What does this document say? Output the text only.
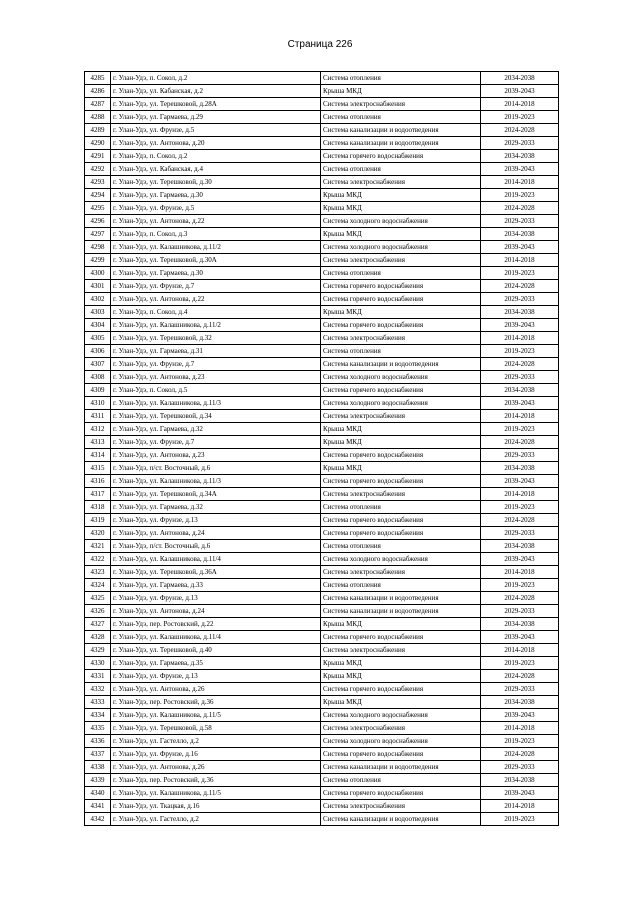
Страница 226
4285	г. Улан-Удэ, п. Сокол, д.2	Система отопления	2034-2038
4286	г. Улан-Удэ, ул. Кабанская, д.2	Крыша МКД	2039-2043
4287	г. Улан-Удэ, ул. Терешковой, д.28А	Система электроснабжения	2014-2018
4288	г. Улан-Удэ, ул. Гармаева, д.29	Система отопления	2019-2023
4289	г. Улан-Удэ, ул. Фрунзе, д.5	Система канализации и водоотведения	2024-2028
4290	г. Улан-Удэ, ул. Антонова, д.20	Система канализации и водоотведения	2029-2033
4291	г. Улан-Удэ, п. Сокол, д.2	Система горячего водоснабжения	2034-2038
4292	г. Улан-Удэ, ул. Кабанская, д.4	Система отопления	2039-2043
4293	г. Улан-Удэ, ул. Терешковой, д.30	Система электроснабжения	2014-2018
4294	г. Улан-Удэ, ул. Гармаева, д.30	Крыша МКД	2019-2023
4295	г. Улан-Удэ, ул. Фрунзе, д.5	Крыша МКД	2024-2028
4296	г. Улан-Удэ, ул. Антонова, д.22	Система холодного водоснабжения	2029-2033
4297	г. Улан-Удэ, п. Сокол, д.3	Крыша МКД	2034-2038
4298	г. Улан-Удэ, ул. Калашникова, д.11/2	Система холодного водоснабжения	2039-2043
4299	г. Улан-Удэ, ул. Терешковой, д.30А	Система электроснабжения	2014-2018
4300	г. Улан-Удэ, ул. Гармаева, д.30	Система отопления	2019-2023
4301	г. Улан-Удэ, ул. Фрунзе, д.7	Система горячего водоснабжения	2024-2028
4302	г. Улан-Удэ, ул. Антонова, д.22	Система горячего водоснабжения	2029-2033
4303	г. Улан-Удэ, п. Сокол, д.4	Крыша МКД	2034-2038
4304	г. Улан-Удэ, ул. Калашникова, д.11/2	Система горячего водоснабжения	2039-2043
4305	г. Улан-Удэ, ул. Терешковой, д.32	Система электроснабжения	2014-2018
4306	г. Улан-Удэ, ул. Гармаева, д.31	Система отопления	2019-2023
4307	г. Улан-Удэ, ул. Фрунзе, д.7	Система канализации и водоотведения	2024-2028
4308	г. Улан-Удэ, ул. Антонова, д.23	Система холодного водоснабжения	2029-2033
4309	г. Улан-Удэ, п. Сокол, д.5	Система горячего водоснабжения	2034-2038
4310	г. Улан-Удэ, ул. Калашникова, д.11/3	Система холодного водоснабжения	2039-2043
4311	г. Улан-Удэ, ул. Терешковой, д.34	Система электроснабжения	2014-2018
4312	г. Улан-Удэ, ул. Гармаева, д.32	Крыша МКД	2019-2023
4313	г. Улан-Удэ, ул. Фрунзе, д.7	Крыша МКД	2024-2028
4314	г. Улан-Удэ, ул. Антонова, д.23	Система горячего водоснабжения	2029-2033
4315	г. Улан-Удэ, п/ст. Восточный, д.6	Крыша МКД	2034-2038
4316	г. Улан-Удэ, ул. Калашникова, д.11/3	Система горячего водоснабжения	2039-2043
4317	г. Улан-Удэ, ул. Терешковой, д.34А	Система электроснабжения	2014-2018
4318	г. Улан-Удэ, ул. Гармаева, д.32	Система отопления	2019-2023
4319	г. Улан-Удэ, ул. Фрунзе, д.13	Система горячего водоснабжения	2024-2028
4320	г. Улан-Удэ, ул. Антонова, д.24	Система горячего водоснабжения	2029-2033
4321	г. Улан-Удэ, п/ст. Восточный, д.6	Система отопления	2034-2038
4322	г. Улан-Удэ, ул. Калашникова, д.11/4	Система холодного водоснабжения	2039-2043
4323	г. Улан-Удэ, ул. Терешковой, д.36А	Система электроснабжения	2014-2018
4324	г. Улан-Удэ, ул. Гармаева, д.33	Система отопления	2019-2023
4325	г. Улан-Удэ, ул. Фрунзе, д.13	Система канализации и водоотведения	2024-2028
4326	г. Улан-Удэ, ул. Антонова, д.24	Система канализации и водоотведения	2029-2033
4327	г. Улан-Удэ, пер. Ростовский, д.22	Крыша МКД	2034-2038
4328	г. Улан-Удэ, ул. Калашникова, д.11/4	Система горячего водоснабжения	2039-2043
4329	г. Улан-Удэ, ул. Терешковой, д.40	Система электроснабжения	2014-2018
4330	г. Улан-Удэ, ул. Гармаева, д.35	Крыша МКД	2019-2023
4331	г. Улан-Удэ, ул. Фрунзе, д.13	Крыша МКД	2024-2028
4332	г. Улан-Удэ, ул. Антонова, д.26	Система горячего водоснабжения	2029-2033
4333	г. Улан-Удэ, пер. Ростовский, д.36	Крыша МКД	2034-2038
4334	г. Улан-Удэ, ул. Калашникова, д.11/5	Система холодного водоснабжения	2039-2043
4335	г. Улан-Удэ, ул. Терешковой, д.58	Система электроснабжения	2014-2018
4336	г. Улан-Удэ, ул. Гастелло, д.2	Система холодного водоснабжения	2019-2023
4337	г. Улан-Удэ, ул. Фрунзе, д.16	Система горячего водоснабжения	2024-2028
4338	г. Улан-Удэ, ул. Антонова, д.26	Система канализации и водоотведения	2029-2033
4339	г. Улан-Удэ, пер. Ростовский, д.36	Система отопления	2034-2038
4340	г. Улан-Удэ, ул. Калашникова, д.11/5	Система горячего водоснабжения	2039-2043
4341	г. Улан-Удэ, ул. Ткацкая, д.16	Система электроснабжения	2014-2018
4342	г. Улан-Удэ, ул. Гастелло, д.2	Система канализации и водоотведения	2019-2023
